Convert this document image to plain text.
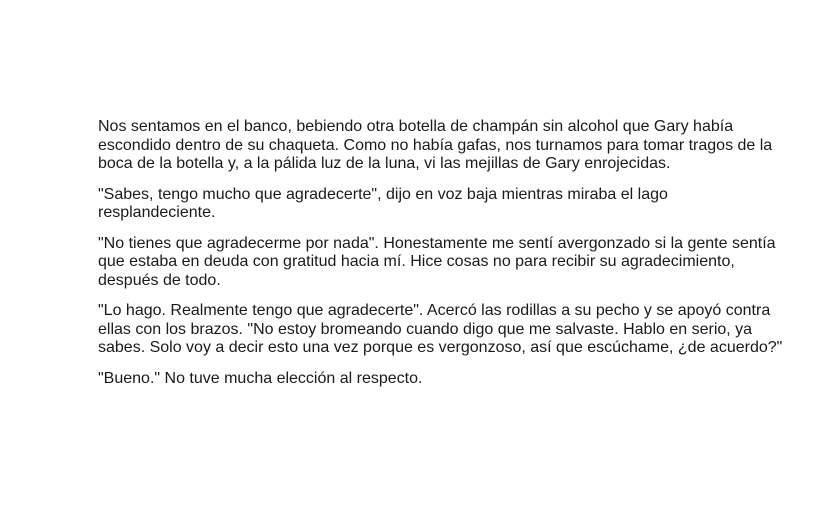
Nos sentamos en el banco, bebiendo otra botella de champán sin alcohol que Gary había escondido dentro de su chaqueta. Como no había gafas, nos turnamos para tomar tragos de la boca de la botella y, a la pálida luz de la luna, vi las mejillas de Gary enrojecidas.

"Sabes, tengo mucho que agradecerte", dijo en voz baja mientras miraba el lago resplandeciente.

"No tienes que agradecerme por nada". Honestamente me sentí avergonzado si la gente sentía que estaba en deuda con gratitud hacia mí. Hice cosas no para recibir su agradecimiento, después de todo.

"Lo hago. Realmente tengo que agradecerte". Acercó las rodillas a su pecho y se apoyó contra ellas con los brazos. "No estoy bromeando cuando digo que me salvaste. Hablo en serio, ya sabes. Solo voy a decir esto una vez porque es vergonzoso, así que escúchame, ¿de acuerdo?"

"Bueno." No tuve mucha elección al respecto.
